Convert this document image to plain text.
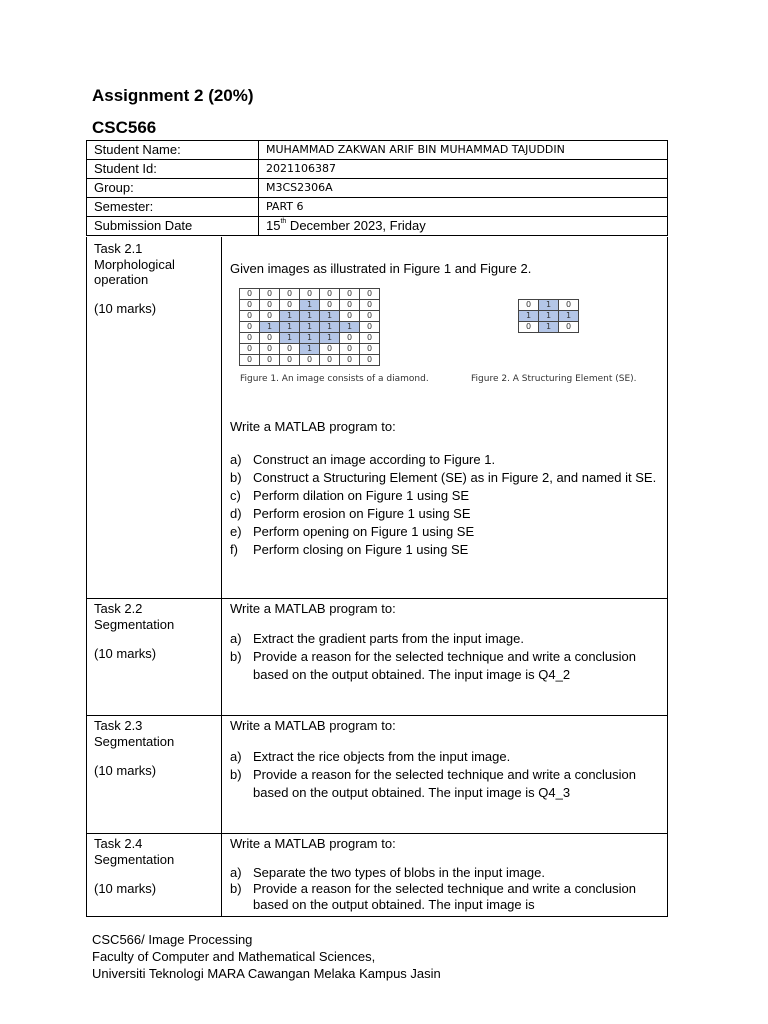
Assignment 2 (20%)
CSC566
Student Name:	MUHAMMAD ZAKWAN ARIF BIN MUHAMMAD TAJUDDIN
Student Id:	2021106387
Group:	M3CS2306A
Semester:	PART 6
Submission Date	15th December 2023, Friday
Task 2.1
Morphological operation
(10 marks)
Given images as illustrated in Figure 1 and Figure 2.
0	0	0	0	0	0	0
0	0	0	1	0	0	0
0	0	1	1	1	0	0
0	1	1	1	1	1	0
0	0	1	1	1	0	0
0	0	0	1	0	0	0
0	0	0	0	0	0	0
Figure 1. An image consists of a diamond.
0	1	0
1	1	1
0	1	0
Figure 2. A Structuring Element (SE).
Write a MATLAB program to:
a) Construct an image according to Figure 1.
b) Construct a Structuring Element (SE) as in Figure 2, and named it SE.
c) Perform dilation on Figure 1 using SE
d) Perform erosion on Figure 1 using SE
e) Perform opening on Figure 1 using SE
f) Perform closing on Figure 1 using SE
Task 2.2
Segmentation
(10 marks)
Write a MATLAB program to:
a) Extract the gradient parts from the input image.
b) Provide a reason for the selected technique and write a conclusion based on the output obtained. The input image is Q4_2
Task 2.3
Segmentation
(10 marks)
Write a MATLAB program to:
a) Extract the rice objects from the input image.
b) Provide a reason for the selected technique and write a conclusion based on the output obtained. The input image is Q4_3
Task 2.4
Segmentation
(10 marks)
Write a MATLAB program to:
a) Separate the two types of blobs in the input image.
b) Provide a reason for the selected technique and write a conclusion based on the output obtained. The input image is
CSC566/ Image Processing
Faculty of Computer and Mathematical Sciences,
Universiti Teknologi MARA Cawangan Melaka Kampus Jasin
